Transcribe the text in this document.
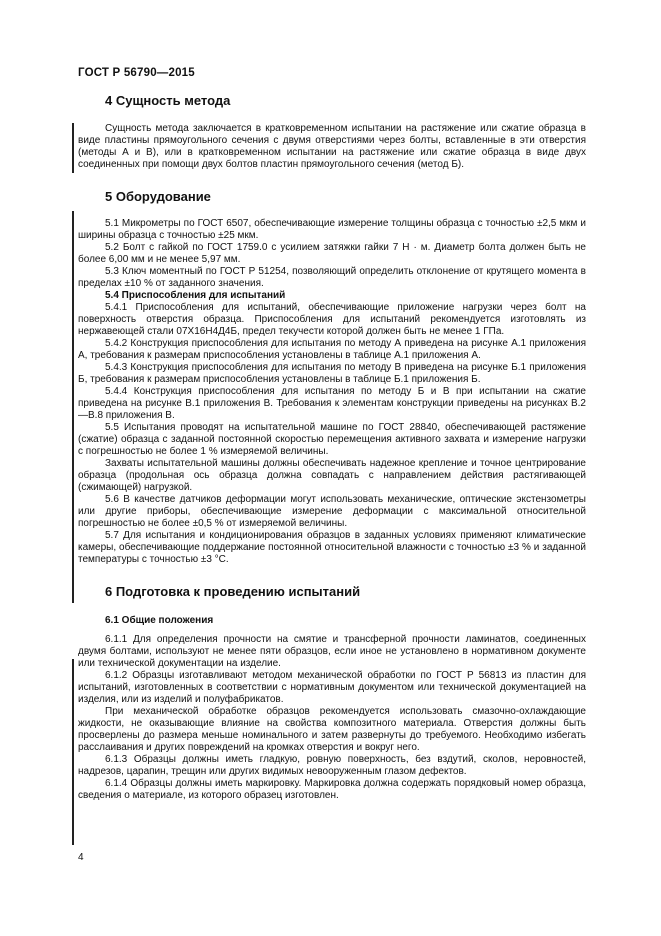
ГОСТ Р 56790—2015
4 Сущность метода

Сущность метода заключается в кратковременном испытании на растяжение или сжатие образца в виде пластины прямоугольного сечения с двумя отверстиями через болты, вставленные в эти отверстия (методы А и В), или в кратковременном испытании на растяжение или сжатие образца в виде двух соединенных при помощи двух болтов пластин прямоугольного сечения (метод Б).

5 Оборудование

5.1 Микрометры по ГОСТ 6507, обеспечивающие измерение толщины образца с точностью ±2,5 мкм и ширины образца с точностью ±25 мкм.

5.2 Болт с гайкой по ГОСТ 1759.0 с усилием затяжки гайки 7 Н · м. Диаметр болта должен быть не более 6,00 мм и не менее 5,97 мм.

5.3 Ключ моментный по ГОСТ Р 51254, позволяющий определить отклонение от крутящего момента в пределах ±10 % от заданного значения.

5.4 Приспособления для испытаний

5.4.1 Приспособления для испытаний, обеспечивающие приложение нагрузки через болт на поверхность отверстия образца. Приспособления для испытаний рекомендуется изготовлять из нержавеющей стали 07Х16Н4Д4Б, предел текучести которой должен быть не менее 1 ГПа.

5.4.2 Конструкция приспособления для испытания по методу А приведена на рисунке А.1 приложения А, требования к размерам приспособления установлены в таблице А.1 приложения А.

5.4.3 Конструкция приспособления для испытания по методу В приведена на рисунке Б.1 приложения Б, требования к размерам приспособления установлены в таблице Б.1 приложения Б.

5.4.4 Конструкция приспособления для испытания по методу Б и В при испытании на сжатие приведена на рисунке В.1 приложения В. Требования к элементам конструкции приведены на рисунках В.2—В.8 приложения В.

5.5 Испытания проводят на испытательной машине по ГОСТ 28840, обеспечивающей растяжение (сжатие) образца с заданной постоянной скоростью перемещения активного захвата и измерение нагрузки с погрешностью не более 1 % измеряемой величины.

Захваты испытательной машины должны обеспечивать надежное крепление и точное центрирование образца (продольная ось образца должна совпадать с направлением действия растягивающей (сжимающей) нагрузкой.

5.6 В качестве датчиков деформации могут использовать механические, оптические экстензометры или другие приборы, обеспечивающие измерение деформации с максимальной относительной погрешностью не более ±0,5 % от измеряемой величины.

5.7 Для испытания и кондиционирования образцов в заданных условиях применяют климатические камеры, обеспечивающие поддержание постоянной относительной влажности с точностью ±3 % и заданной температуры с точностью ±3 °С.

6 Подготовка к проведению испытаний
6.1 Общие положения

6.1.1 Для определения прочности на смятие и трансферной прочности ламинатов, соединенных двумя болтами, используют не менее пяти образцов, если иное не установлено в нормативном документе или технической документации на изделие.

6.1.2 Образцы изготавливают методом механической обработки по ГОСТ Р 56813 из пластин для испытаний, изготовленных в соответствии с нормативным документом или технической документацией на изделия, или из изделий и полуфабрикатов.

При механической обработке образцов рекомендуется использовать смазочно-охлаждающие жидкости, не оказывающие влияние на свойства композитного материала. Отверстия должны быть просверлены до размера меньше номинального и затем развернуты до требуемого. Необходимо избегать расслаивания и других повреждений на кромках отверстия и вокруг него.

6.1.3 Образцы должны иметь гладкую, ровную поверхность, без вздутий, сколов, неровностей, надрезов, царапин, трещин или других видимых невооруженным глазом дефектов.

6.1.4 Образцы должны иметь маркировку. Маркировка должна содержать порядковый номер образца, сведения о материале, из которого образец изготовлен.

4
